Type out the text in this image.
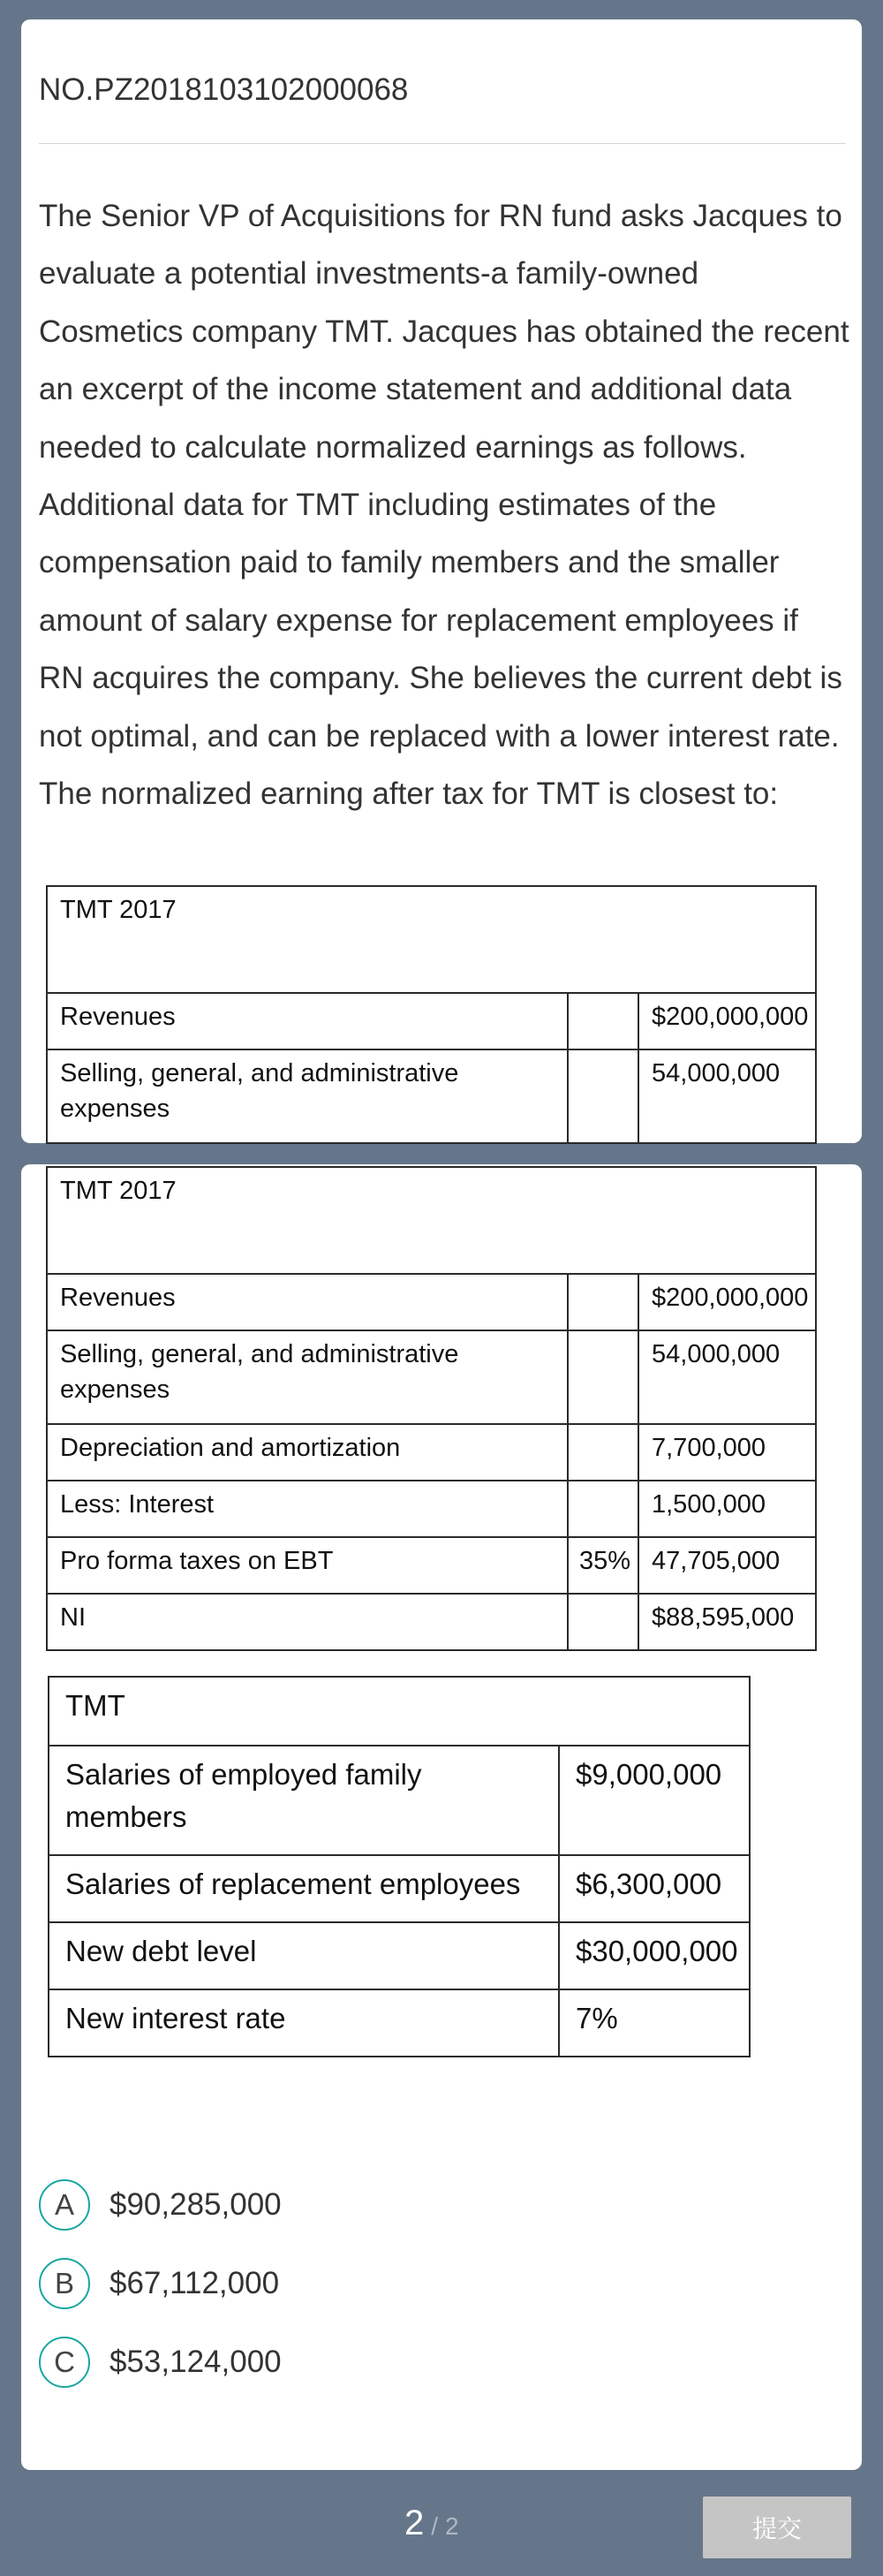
NO.PZ2018103102000068
The Senior VP of Acquisitions for RN fund asks Jacques to evaluate a potential investments-a family-owned Cosmetics company TMT. Jacques has obtained the recent an excerpt of the income statement and additional data needed to calculate normalized earnings as follows. Additional data for TMT including estimates of the compensation paid to family members and the smaller amount of salary expense for replacement employees if RN acquires the company. She believes the current debt is not optimal, and can be replaced with a lower interest rate. The normalized earning after tax for TMT is closest to:
TMT 2017		
Revenues		$200,000,000
Selling, general, and administrative expenses		54,000,000
TMT 2017		
Revenues		$200,000,000
Selling, general, and administrative expenses		54,000,000
Depreciation and amortization		7,700,000
Less: Interest		1,500,000
Pro forma taxes on EBT	35%	47,705,000
NI		$88,595,000
TMT	
Salaries of employed family members	$9,000,000
Salaries of replacement employees	$6,300,000
New debt level	$30,000,000
New interest rate	7%
A	$90,285,000
B	$67,112,000
C	$53,124,000
2 / 2	提交
